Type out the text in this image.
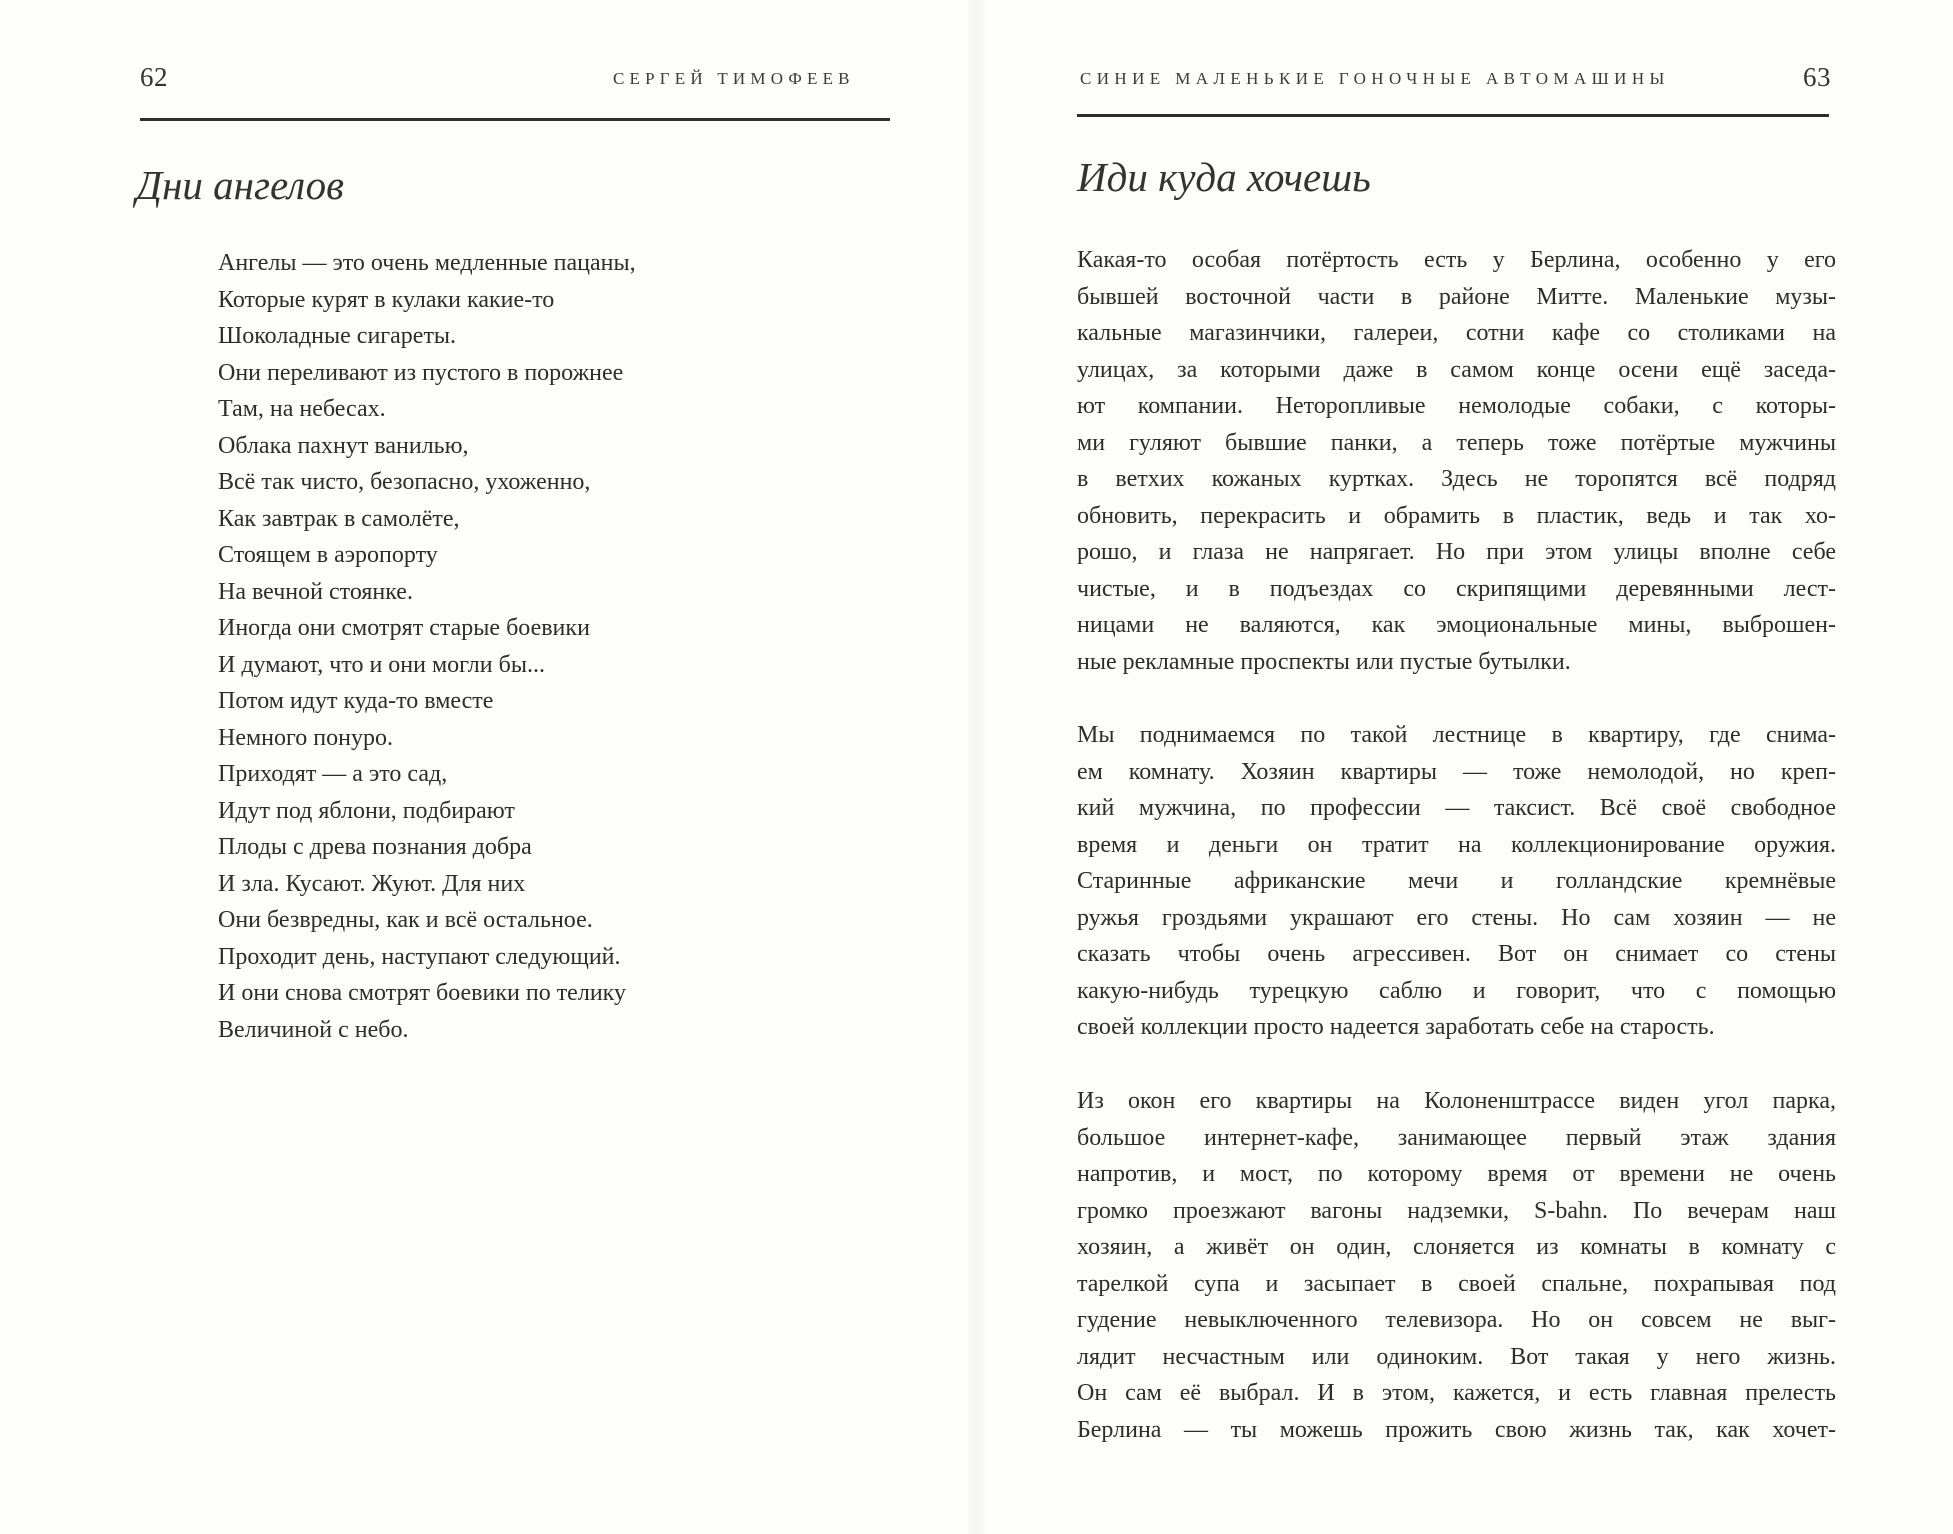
62	СЕРГЕЙ ТИМОФЕЕВ
Дни ангелов
Ангелы — это очень медленные пацаны,
Которые курят в кулаки какие-то
Шоколадные сигареты.
Они переливают из пустого в порожнее
Там, на небесах.
Облака пахнут ванилью,
Всё так чисто, безопасно, ухоженно,
Как завтрак в самолёте,
Стоящем в аэропорту
На вечной стоянке.
Иногда они смотрят старые боевики
И думают, что и они могли бы...
Потом идут куда-то вместе
Немного понуро.
Приходят — а это сад,
Идут под яблони, подбирают
Плоды с древа познания добра
И зла. Кусают. Жуют. Для них
Они безвредны, как и всё остальное.
Проходит день, наступают следующий.
И они снова смотрят боевики по телику
Величиной с небо.
СИНИЕ МАЛЕНЬКИЕ ГОНОЧНЫЕ АВТОМАШИНЫ	63
Иди куда хочешь
Какая-то особая потёртость есть у Берлина, особенно у его
бывшей восточной части в районе Митте. Маленькие музы-
кальные магазинчики, галереи, сотни кафе со столиками на
улицах, за которыми даже в самом конце осени ещё заседа-
ют компании. Неторопливые немолодые собаки, с которы-
ми гуляют бывшие панки, а теперь тоже потёртые мужчины
в ветхих кожаных куртках. Здесь не торопятся всё подряд
обновить, перекрасить и обрамить в пластик, ведь и так хо-
рошо, и глаза не напрягает. Но при этом улицы вполне себе
чистые, и в подъездах со скрипящими деревянными лест-
ницами не валяются, как эмоциональные мины, выброшен-
ные рекламные проспекты или пустые бутылки.
Мы поднимаемся по такой лестнице в квартиру, где снима-
ем комнату. Хозяин квартиры — тоже немолодой, но креп-
кий мужчина, по профессии — таксист. Всё своё свободное
время и деньги он тратит на коллекционирование оружия.
Старинные африканские мечи и голландские кремнёвые
ружья гроздьями украшают его стены. Но сам хозяин — не
сказать чтобы очень агрессивен. Вот он снимает со стены
какую-нибудь турецкую саблю и говорит, что с помощью
своей коллекции просто надеется заработать себе на старость.
Из окон его квартиры на Колоненштрассе виден угол парка,
большое интернет-кафе, занимающее первый этаж здания
напротив, и мост, по которому время от времени не очень
громко проезжают вагоны надземки, S-bahn. По вечерам наш
хозяин, а живёт он один, слоняется из комнаты в комнату с
тарелкой супа и засыпает в своей спальне, похрапывая под
гудение невыключенного телевизора. Но он совсем не выг-
лядит несчастным или одиноким. Вот такая у него жизнь.
Он сам её выбрал. И в этом, кажется, и есть главная прелесть
Берлина — ты можешь прожить свою жизнь так, как хочет-
